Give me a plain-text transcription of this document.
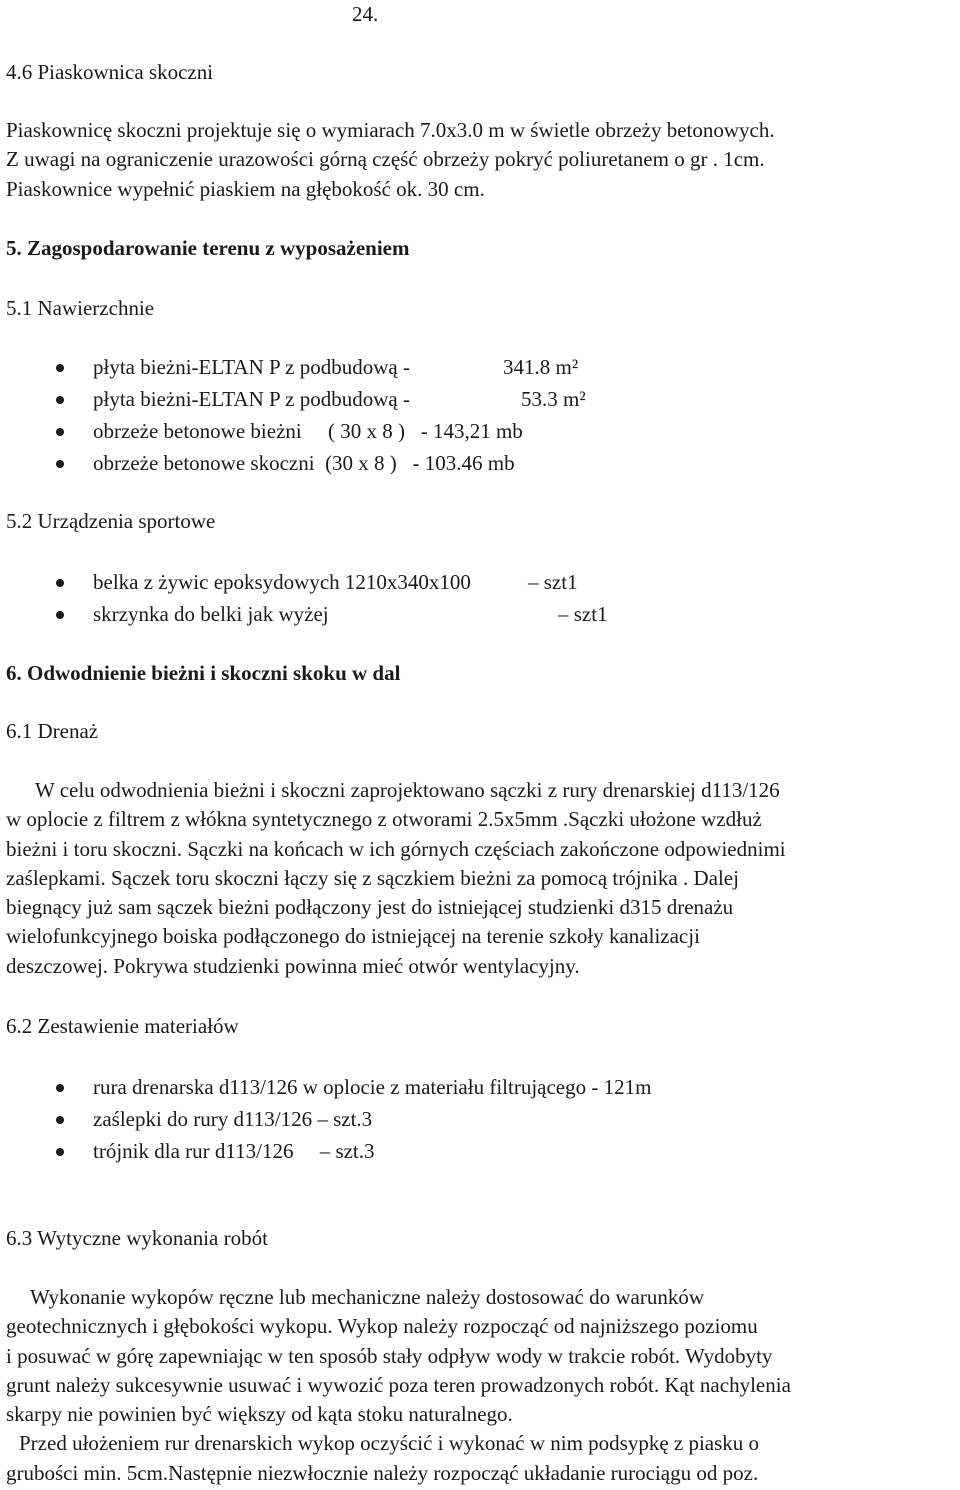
24.
4.6 Piaskownica skoczni
Piaskownicę skoczni projektuje się o wymiarach 7.0x3.0 m w świetle obrzeży betonowych.
Z uwagi na ograniczenie urazowości górną część obrzeży pokryć poliuretanem o gr . 1cm.
Piaskownice wypełnić piaskiem na głębokość ok. 30 cm.
5. Zagospodarowanie terenu z wyposażeniem
5.1 Nawierzchnie
płyta bieżni-ELTAN P z podbudową -	341.8 m²
płyta bieżni-ELTAN P z podbudową -	53.3 m²
obrzeże betonowe bieżni     ( 30 x 8 )   - 143,21 mb
obrzeże betonowe skoczni  (30 x 8 )   - 103.46 mb
5.2 Urządzenia sportowe
belka z żywic epoksydowych 1210x340x100	– szt1
skrzynka do belki jak wyżej	– szt1
6. Odwodnienie bieżni i skoczni skoku w dal
6.1 Drenaż
W celu odwodnienia bieżni i skoczni zaprojektowano sączki z rury drenarskiej d113/126
w oplocie z filtrem z włókna syntetycznego z otworami 2.5x5mm .Sączki ułożone wzdłuż
bieżni i toru skoczni. Sączki na końcach w ich górnych częściach zakończone odpowiednimi
zaślepkami. Sączek toru skoczni łączy się z sączkiem bieżni za pomocą trójnika . Dalej
biegnący już sam sączek bieżni podłączony jest do istniejącej studzienki d315 drenażu
wielofunkcyjnego boiska podłączonego do istniejącej na terenie szkoły kanalizacji
deszczowej. Pokrywa studzienki powinna mieć otwór wentylacyjny.
6.2 Zestawienie materiałów
rura drenarska d113/126 w oplocie z materiału filtrującego - 121m
zaślepki do rury d113/126 – szt.3
trójnik dla rur d113/126     – szt.3
6.3 Wytyczne wykonania robót
Wykonanie wykopów ręczne lub mechaniczne należy dostosować do warunków
geotechnicznych i głębokości wykopu. Wykop należy rozpocząć od najniższego poziomu
i posuwać w górę zapewniając w ten sposób stały odpływ wody w trakcie robót. Wydobyty
grunt należy sukcesywnie usuwać i wywozić poza teren prowadzonych robót. Kąt nachylenia
skarpy nie powinien być większy od kąta stoku naturalnego.
Przed ułożeniem rur drenarskich wykop oczyścić i wykonać w nim podsypkę z piasku o
grubości min. 5cm.Następnie niezwłocznie należy rozpocząć układanie rurociągu od poz.
